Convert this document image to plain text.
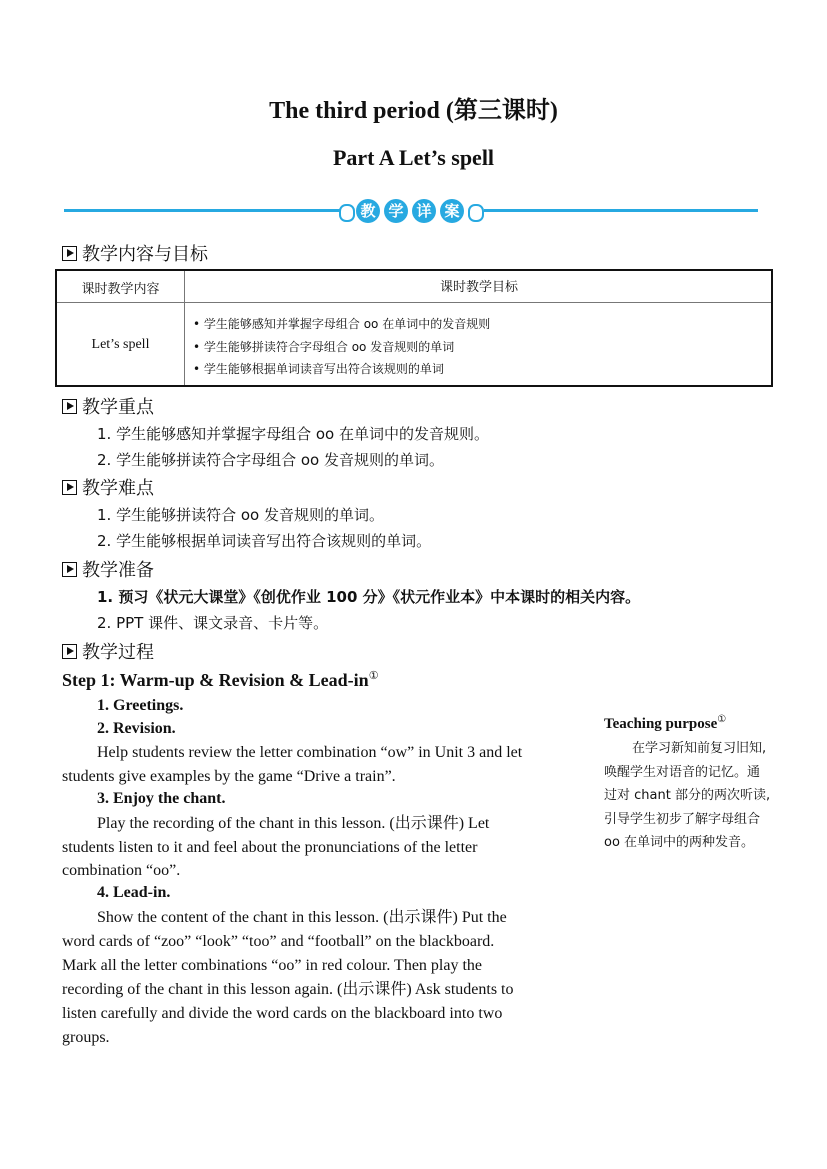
The third period (第三课时)
Part A Let’s spell
教 学 详 案
教学内容与目标
课时教学内容	课时教学目标
Let’s spell
• 学生能够感知并掌握字母组合 oo 在单词中的发音规则
• 学生能够拼读符合字母组合 oo 发音规则的单词
• 学生能够根据单词读音写出符合该规则的单词
教学重点
1. 学生能够感知并掌握字母组合 oo 在单词中的发音规则。
2. 学生能够拼读符合字母组合 oo 发音规则的单词。
教学难点
1. 学生能够拼读符合 oo 发音规则的单词。
2. 学生能够根据单词读音写出符合该规则的单词。
教学准备
1. 预习《状元大课堂》《创优作业 100 分》《状元作业本》中本课时的相关内容。
2. PPT 课件、课文录音、卡片等。
教学过程
Step 1: Warm-up & Revision & Lead-in①
1. Greetings.
2. Revision.
Help students review the letter combination “ow” in Unit 3 and let
students give examples by the game “Drive a train”.
3. Enjoy the chant.
Play the recording of the chant in this lesson. (出示课件) Let
students listen to it and feel about the pronunciations of the letter
combination “oo”.
4. Lead-in.
Show the content of the chant in this lesson. (出示课件) Put the
word cards of “zoo” “look” “too” and “football” on the blackboard.
Mark all the letter combinations “oo” in red colour. Then play the
recording of the chant in this lesson again. (出示课件) Ask students to
listen carefully and divide the word cards on the blackboard into two
groups.
Teaching purpose①
在学习新知前复习旧知,
唤醒学生对语音的记忆。通
过对 chant 部分的两次听读,
引导学生初步了解字母组合
oo 在单词中的两种发音。
